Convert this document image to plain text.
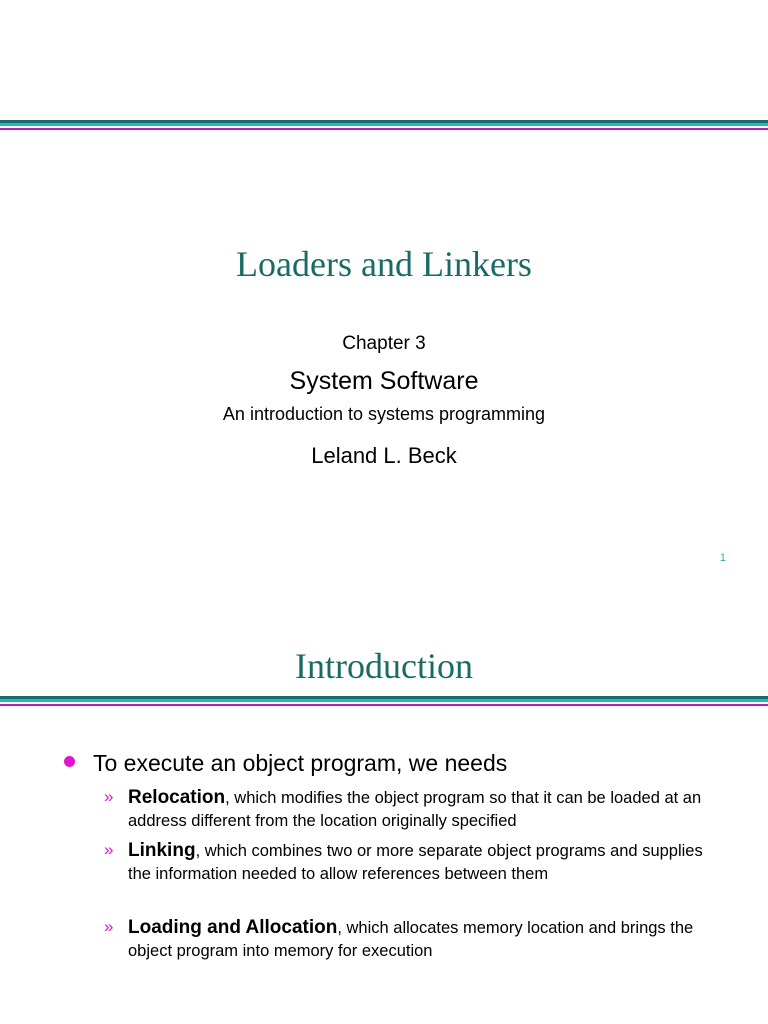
Loaders and Linkers
Chapter 3
System Software
An introduction to systems programming
Leland L. Beck
1
Introduction
To execute an object program, we needs
» Relocation, which modifies the object program so that it can be loaded at an address different from the location originally specified
» Linking, which combines two or more separate object programs and supplies the information needed to allow references between them
» Loading and Allocation, which allocates memory location and brings the object program into memory for execution
